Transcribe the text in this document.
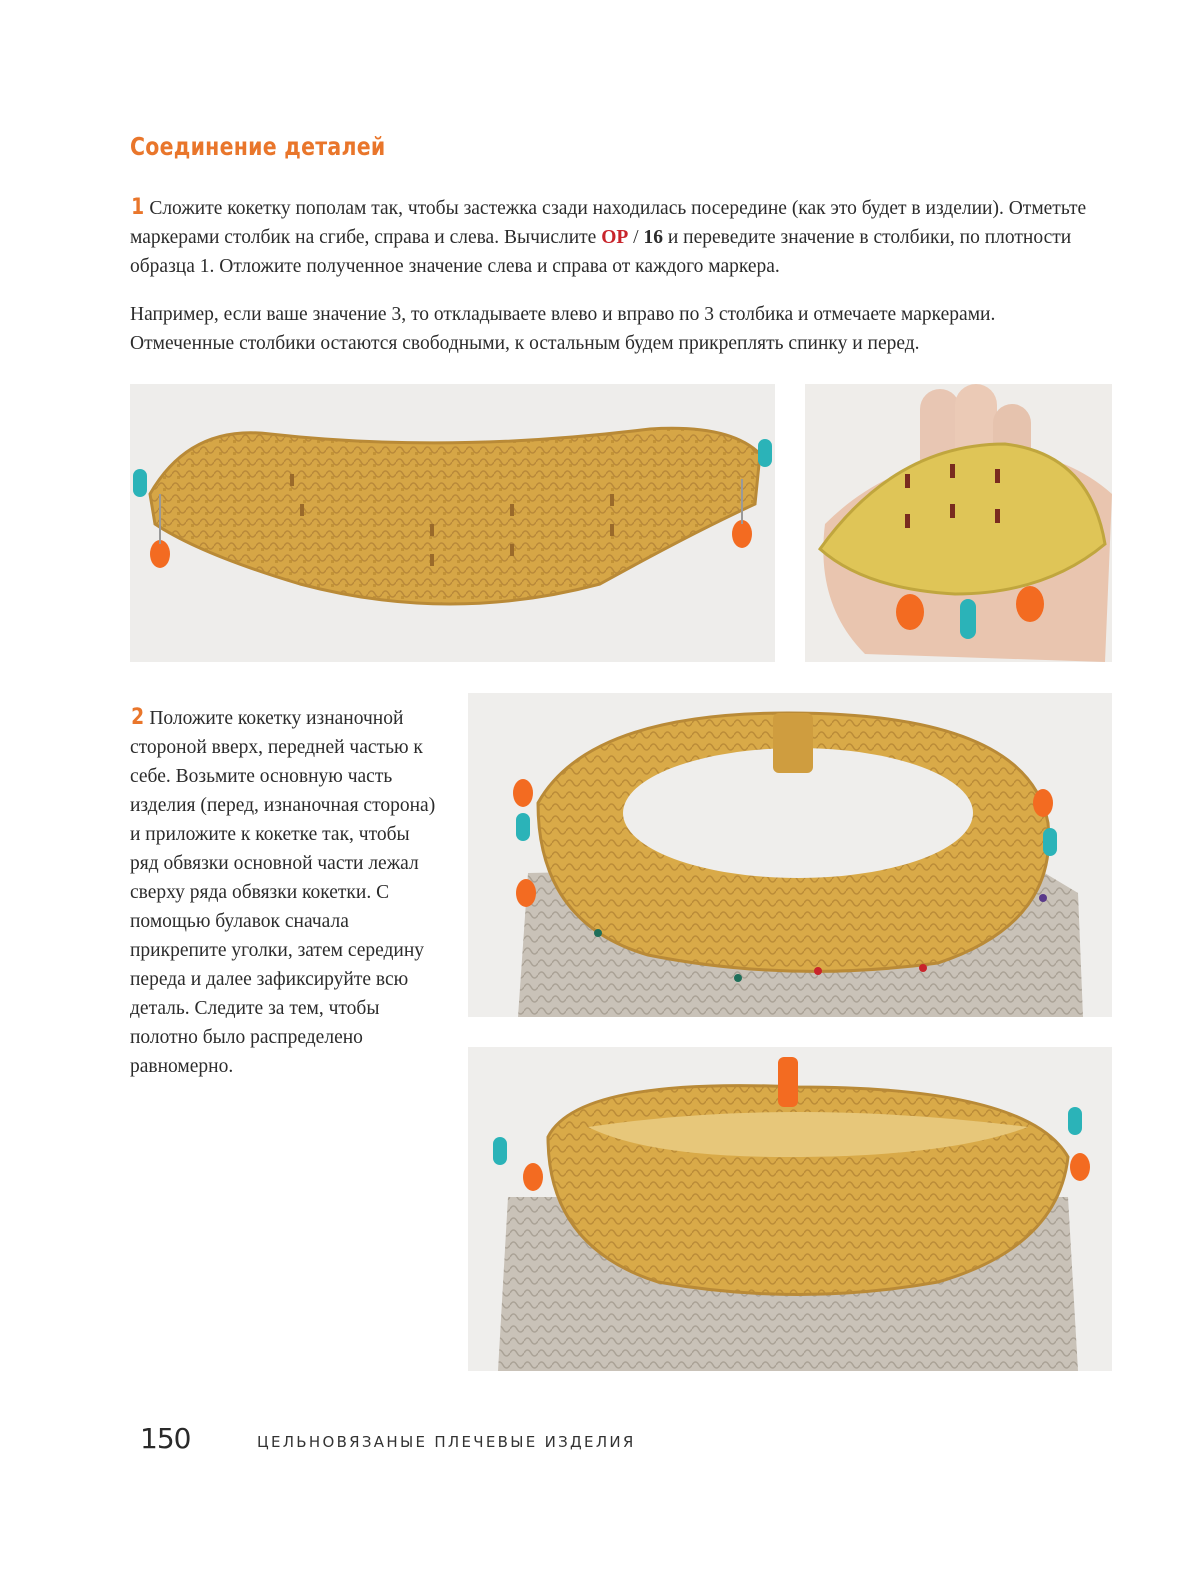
Соединение деталей
1 Сложите кокетку пополам так, чтобы застежка сзади находилась посередине (как это будет в изделии). Отметьте маркерами столбик на сгибе, справа и слева. Вычислите ОР / 16 и переведите значение в столбики, по плотности образца 1. Отложите полученное значение слева и справа от каждого маркера.
Например, если ваше значение 3, то откладываете влево и вправо по 3 столбика и отмечаете маркерами. Отмеченные столбики остаются свободными, к остальным будем прикреплять спинку и перед.
2 Положите кокетку изнаночной стороной вверх, передней частью к себе. Возьмите основную часть изделия (перед, изнаночная сторона) и приложите к кокетке так, чтобы ряд обвязки основной части лежал сверху ряда обвязки кокетки. С помощью булавок сначала прикрепите уголки, затем середину переда и далее зафиксируйте всю деталь. Следите за тем, чтобы полотно было распределено равномерно.
150	ЦЕЛЬНОВЯЗАНЫЕ ПЛЕЧЕВЫЕ ИЗДЕЛИЯ
